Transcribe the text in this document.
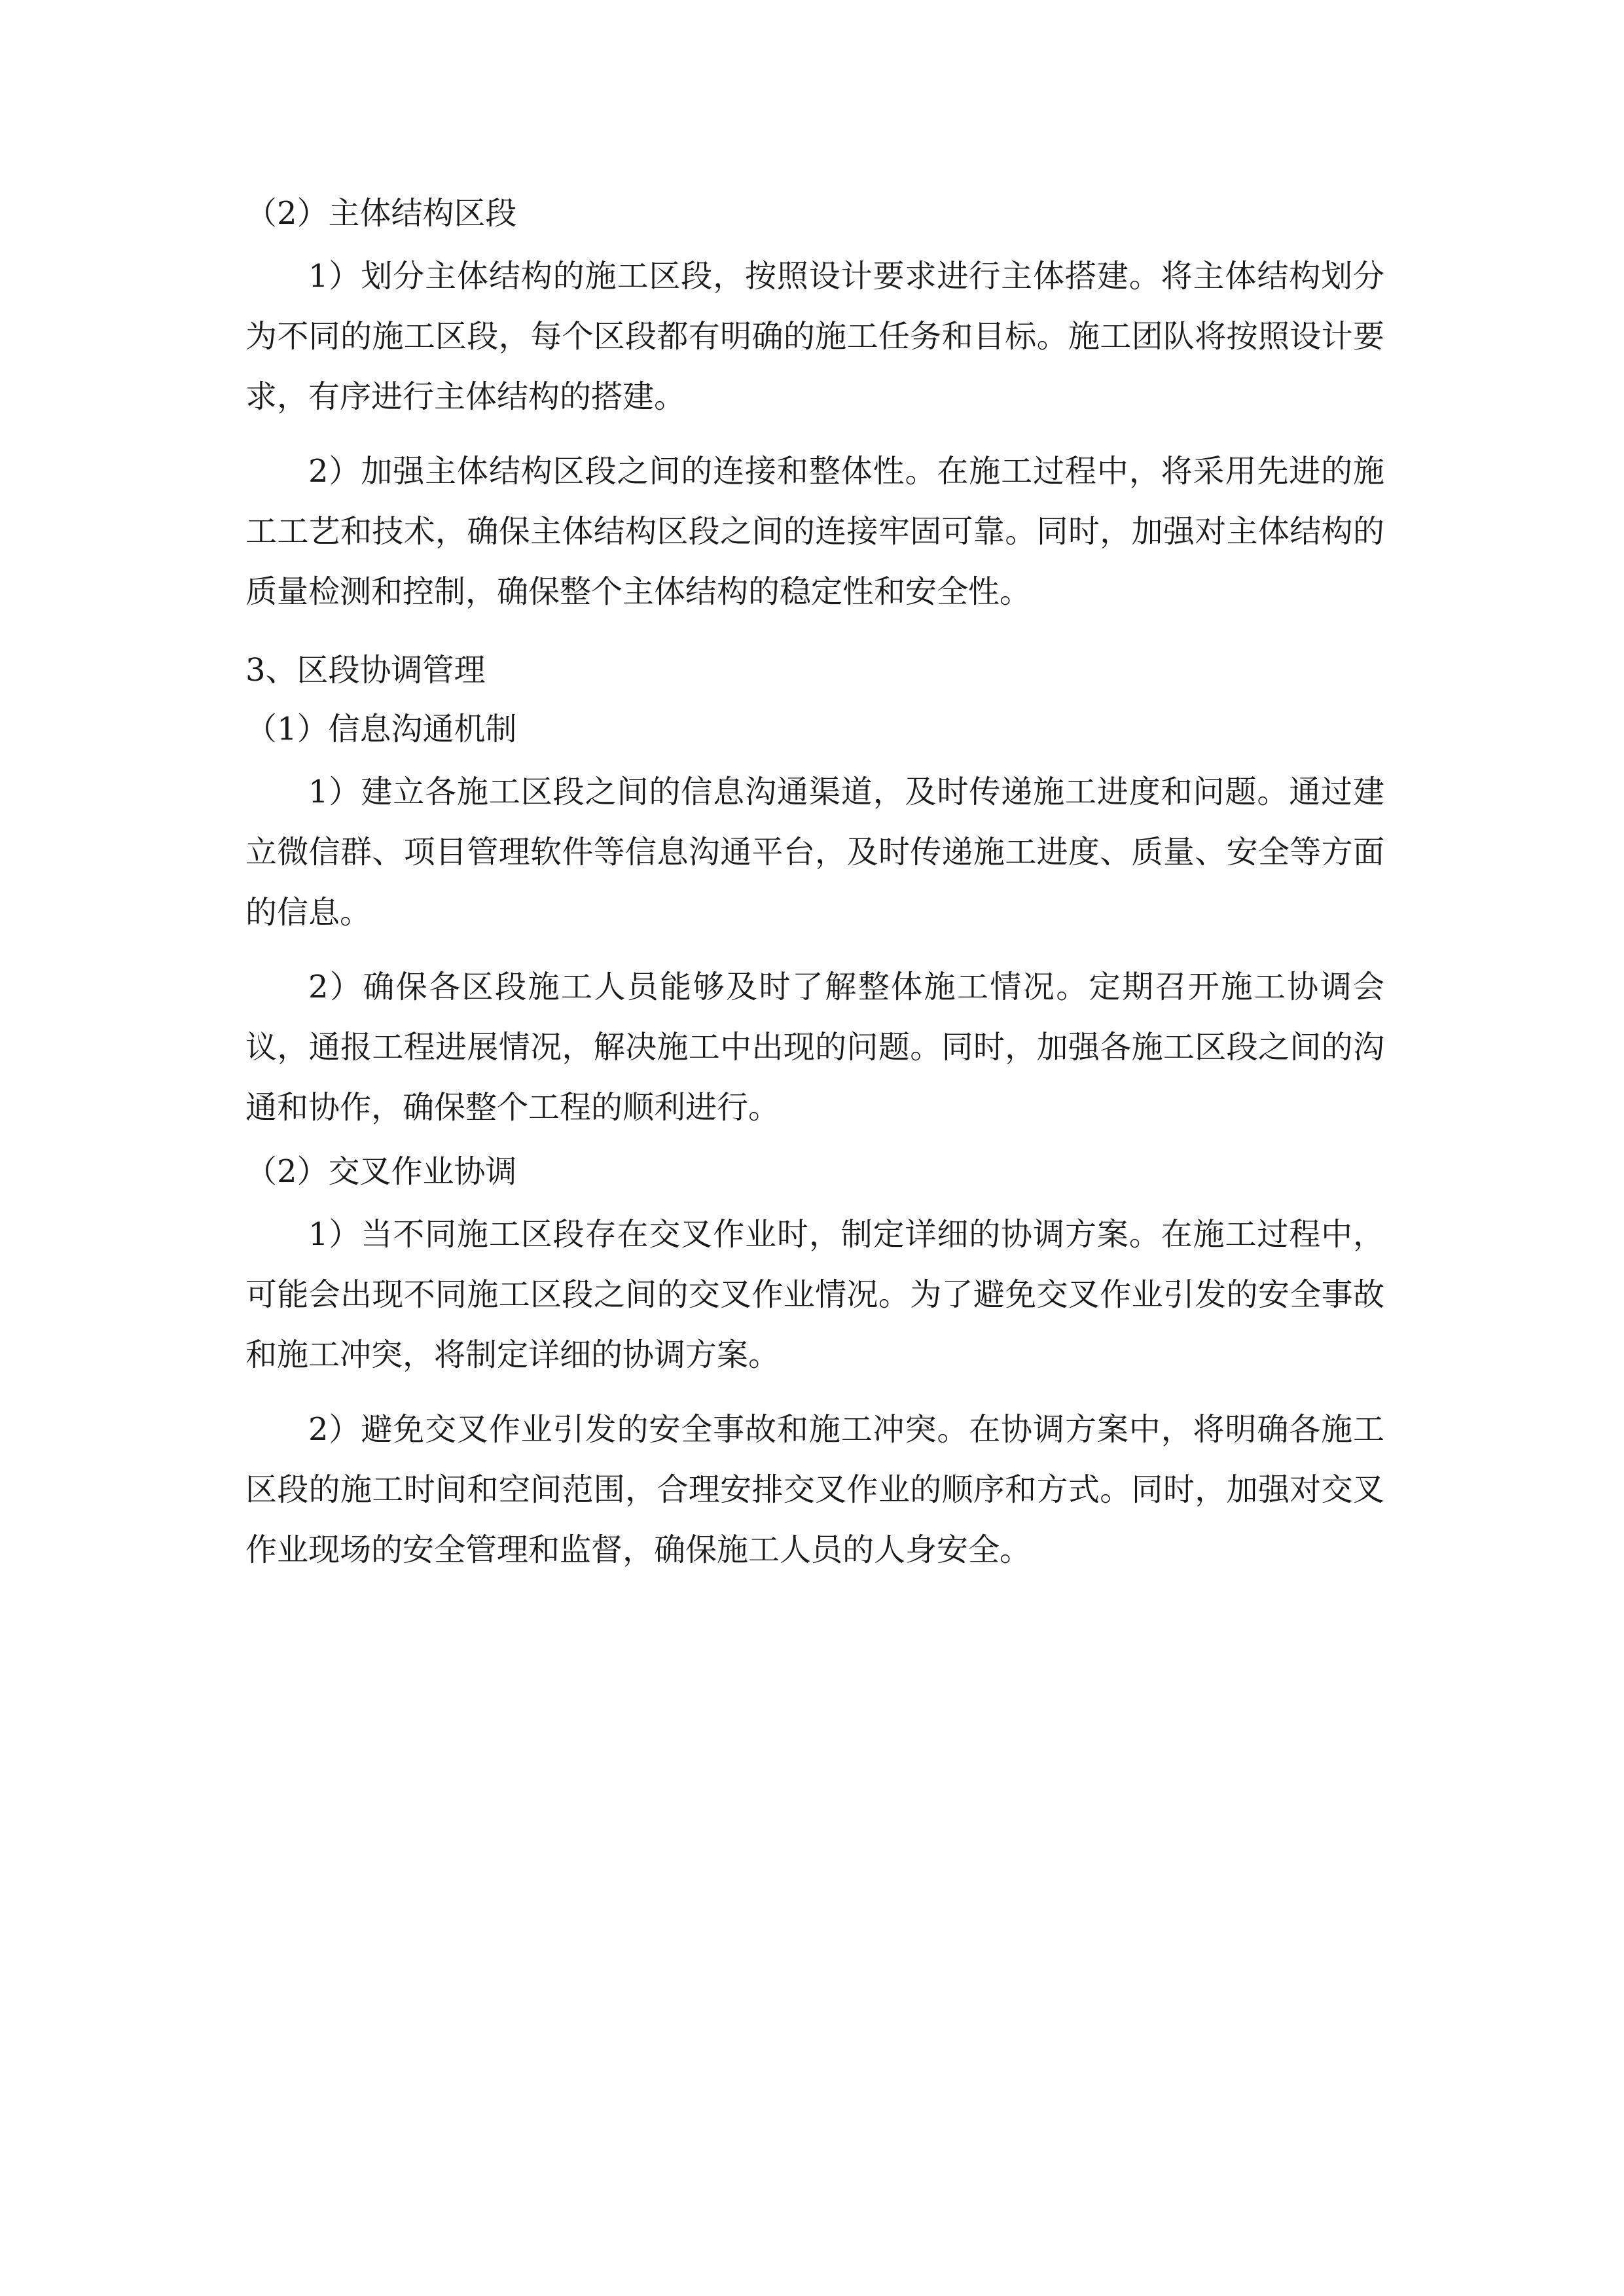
（2）主体结构区段

1）划分主体结构的施工区段，按照设计要求进行主体搭建。将主体结构划分为不同的施工区段，每个区段都有明确的施工任务和目标。施工团队将按照设计要求，有序进行主体结构的搭建。

2）加强主体结构区段之间的连接和整体性。在施工过程中，将采用先进的施工工艺和技术，确保主体结构区段之间的连接牢固可靠。同时，加强对主体结构的质量检测和控制，确保整个主体结构的稳定性和安全性。

3、区段协调管理

（1）信息沟通机制

1）建立各施工区段之间的信息沟通渠道，及时传递施工进度和问题。通过建立微信群、项目管理软件等信息沟通平台，及时传递施工进度、质量、安全等方面的信息。

2）确保各区段施工人员能够及时了解整体施工情况。定期召开施工协调会议，通报工程进展情况，解决施工中出现的问题。同时，加强各施工区段之间的沟通和协作，确保整个工程的顺利进行。

（2）交叉作业协调

1）当不同施工区段存在交叉作业时，制定详细的协调方案。在施工过程中，可能会出现不同施工区段之间的交叉作业情况。为了避免交叉作业引发的安全事故和施工冲突，将制定详细的协调方案。

2）避免交叉作业引发的安全事故和施工冲突。在协调方案中，将明确各施工区段的施工时间和空间范围，合理安排交叉作业的顺序和方式。同时，加强对交叉作业现场的安全管理和监督，确保施工人员的人身安全。
